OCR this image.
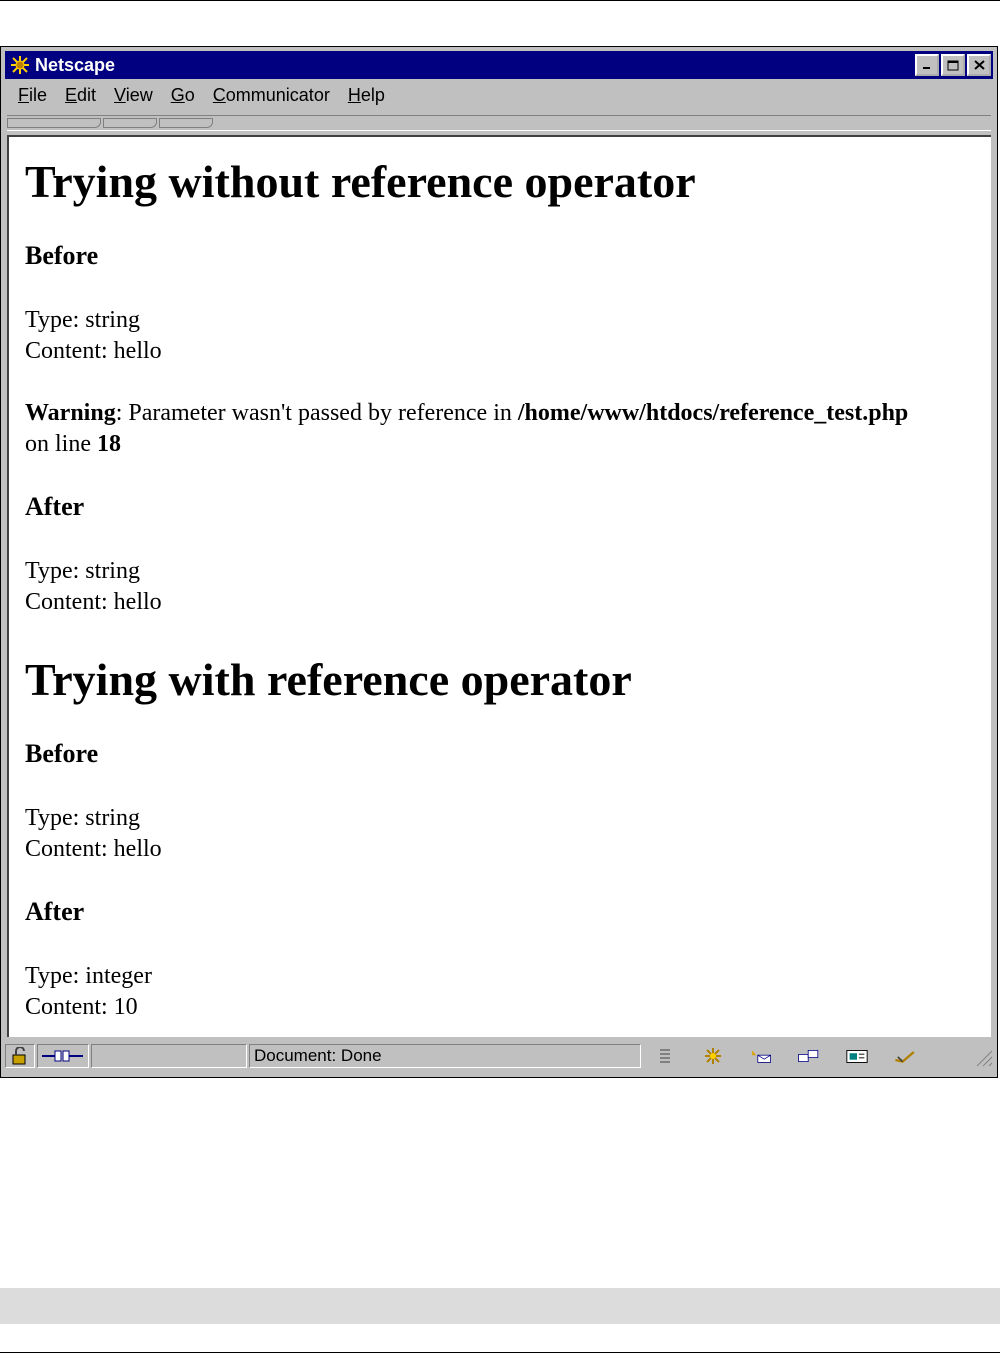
Netscape
File	Edit	View	Go	Communicator	Help
Trying without reference operator
Before

Type: string

Content: hello

Warning: Parameter wasn't passed by reference in /home/www/htdocs/reference_test.php

on line 18

After

Type: string

Content: hello

Trying with reference operator
Before

Type: string

Content: hello

After

Type: integer

Content: 10

Document: Done
